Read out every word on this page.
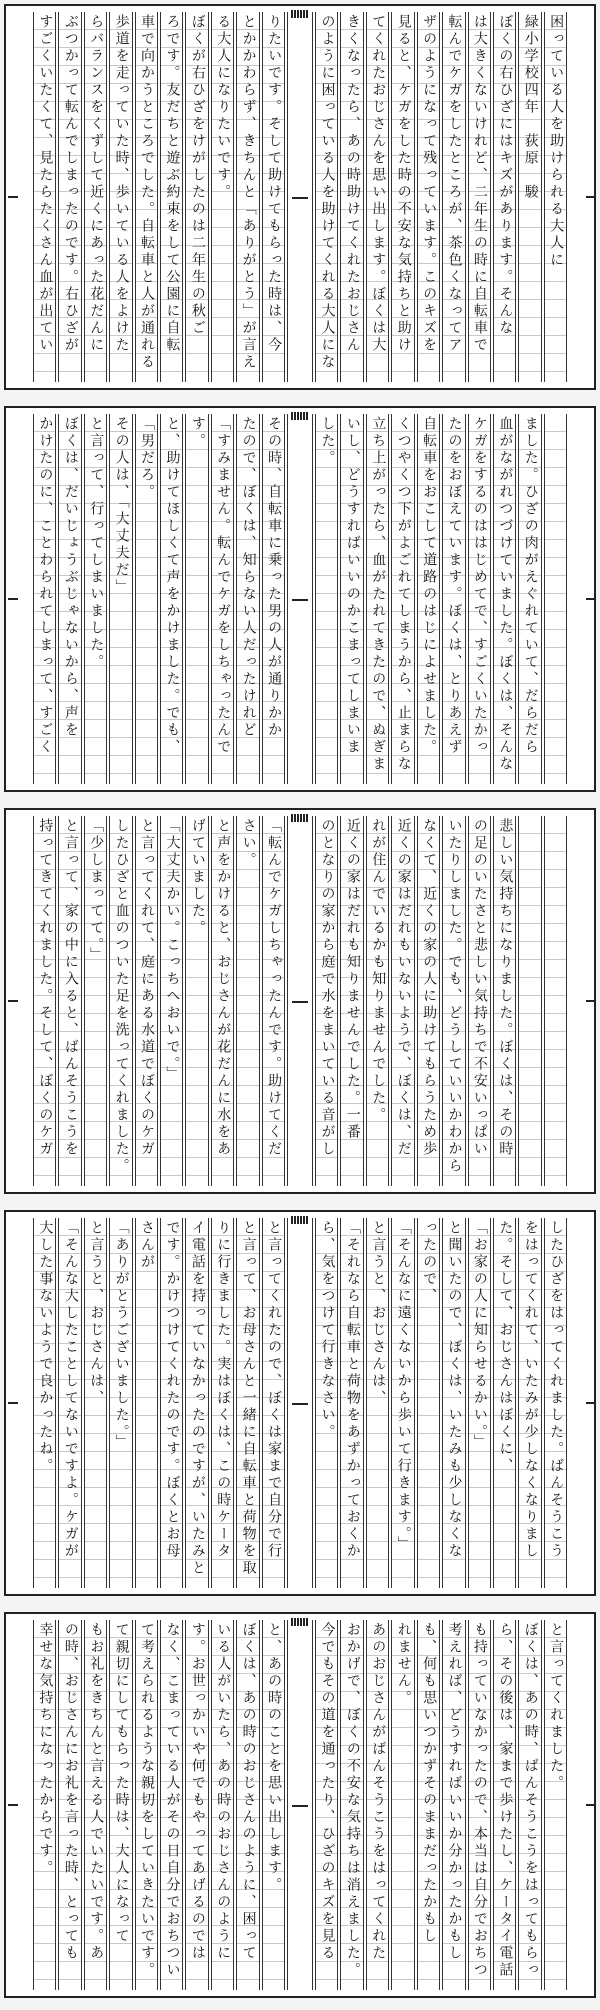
すごくいたくて、見たらたくさん血が出てい ぶつかって転んでしまったのです。右ひざが らバランスをくずして近くにあった花だんに 歩道を走っていた時、歩いている人をよけた 車で向かうところでした。自転車と人が通れる ろです。友だちと遊ぶ約束をして公園に自転 ぼくが右ひざをけがしたのは二年生の秋ご る大人になりたいです。 とかかわらず、きちんと「ありがとう」が言え りたいです。そして助けてもらった時は、今	のように困っている人を助けてくれる大人にな きくなったら、あの時助けてくれたおじさん てくれたおじさんを思い出します。ぼくは大 見ると、ケガをした時の不安な気持ちと助け ザのようになって残っています。このキズを 転んでケガをしたところが、茶色くなってア は大きくないけれど、二年生の時に自転車で ぼくの右ひざにはキズがあります。そんな 緑小学校四年　荻原　駿 困っている人を助けられる大人に
かけたのに、ことわられてしまって、すごく ぼくは、だいじょうぶじゃないから、声を と言って、行ってしまいました。 その人は、「大丈夫だ」 「男だろ。 と、助けてほしくて声をかけました。でも、 す。 「すみません。転んでケガをしちゃったんで たので、ぼくは、知らない人だったけれど その時、自転車に乗った男の人が通りかか	した。 いし、どうすればいいのかこまってしまいま 立ち上がったら、血がたれてきたので、ぬぎま くつやくつ下がよごれてしまうから、止まらな 自転車をおこして道路のはじによせました。 たのをおぼえています。ぼくは、とりあえず ケガをするのははじめてで、すごくいたかっ 血がながれつづけていました。ぼくは、そんな ました。ひざの肉がえぐれていて、だらだら
持ってきてくれました。そして、ぼくのケガ と言って、家の中に入ると、ばんそうこうを 「少しまってて。」 したひざと血のついた足を洗ってくれました。 と言ってくれて、庭にある水道でぼくのケガ 「大丈夫かい。こっちへおいで。」 げていました。 と声をかけると、おじさんが花だんに水をあ さい。 「転んでケガしちゃったんです。助けてくだ	のとなりの家から庭で水をまいている音がし 近くの家はだれも知りませんでした。一番 れが住んでいるかも知りませんでした。 近くの家はだれもいないようで、ぼくは、だ なくて、近くの家の人に助けてもらうため歩 いたりしました。でも、どうしていいかわから の足のいたさと悲しい気持ちで不安いっぱい 悲しい気持ちになりました。ぼくは、その時
大した事ないようで良かったね。 「そんな大したことしてないですよ。ケガが と言うと、おじさんは、 「ありがとうございました。」 さんが です。かけつけてくれたのです。ぼくとお母 イ電話を持っていなかったのですが、いたみと
りに行きました。実はぼくは、この時ケータ と言って、お母さんと一緒に自転車と荷物を取 と言ってくれたので、ぼくは家まで自分で行	ら、気をつけて行きなさい。 「それなら自転車と荷物をあずかっておくか と言うと、おじさんは、 「そんなに遠くないから歩いて行きます。」 ったので、 と聞いたので、ぼくは、いたみも少しなくな 「お家の人に知らせるかい。」 た。そして、おじさんはぼくに、 をはってくれて、いたみが少しなくなりまし したひざをはってくれました。ばんそうこう
幸せな気持ちになったからです。 の時、おじさんにお礼を言った時、とっても もお礼をきちんと言える人でいたいです。あ て親切にしてもらった時は、大人になって て考えられるような親切をしていきたいです。 なく、こまっている人がその日自分でおちつい す。お世っかいや何でもやってあげるのでは いる人がいたら、あの時のおじさんのように ぼくは、あの時のおじさんのように、困って と、あの時のことを思い出します。	今でもその道を通ったり、ひざのキズを見る おかげで、ぼくの不安な気持ちは消えました。 あのおじさんがばんそうこうをはってくれた れません。 も、何も思いつかずそのままだったかもし 考えれば、どうすればいいか分かったかもし も持っていなかったので、本当は自分でおちつ ら、その後は、家まで歩けたし、ケータイ電話 ぼくは、あの時、ばんそうこうをはってもらっ
と言ってくれました。
